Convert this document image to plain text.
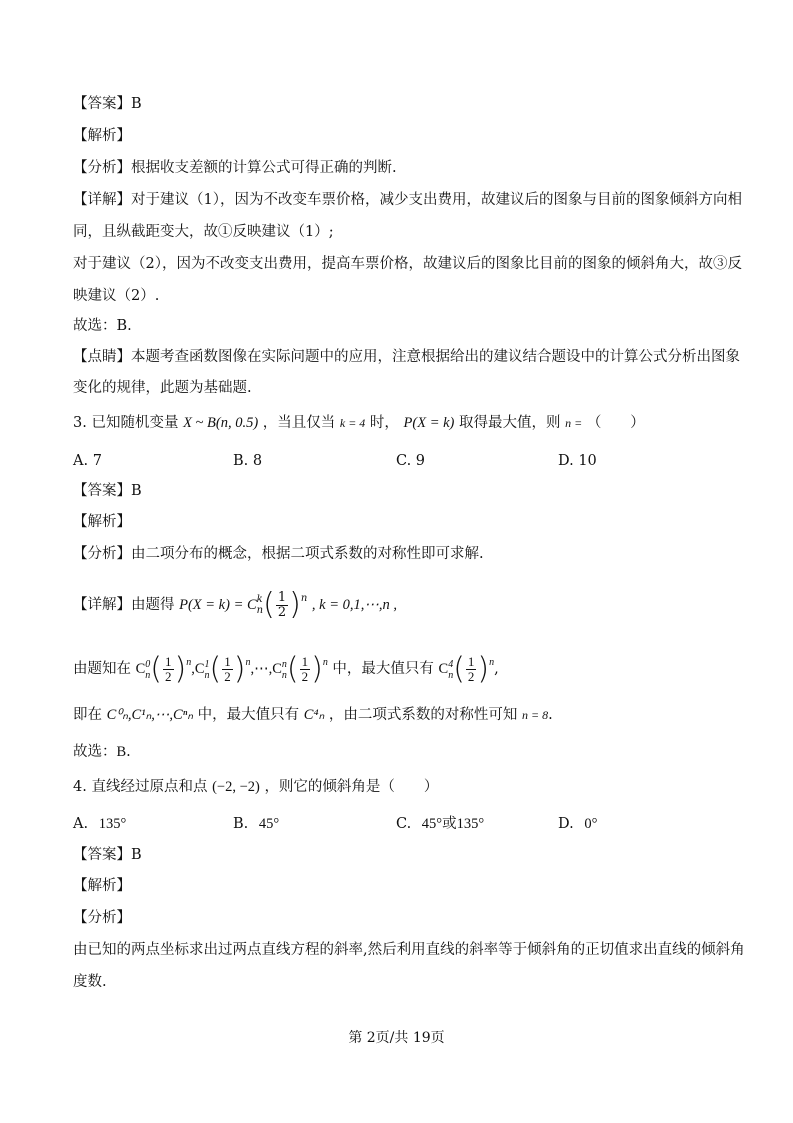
【答案】B
【解析】
【分析】根据收支差额的计算公式可得正确的判断.
【详解】对于建议（1），因为不改变车票价格，减少支出费用，故建议后的图象与目前的图象倾斜方向相
同，且纵截距变大，故①反映建议（1）;
对于建议（2），因为不改变支出费用，提高车票价格，故建议后的图象比目前的图象的倾斜角大，故③反
映建议（2）.
故选：B.
【点睛】本题考查函数图像在实际问题中的应用，注意根据给出的建议结合题设中的计算公式分析出图象
变化的规律，此题为基础题.
3. 已知随机变量 X ~ B(n, 0.5) ，当且仅当 k = 4 时， P(X = k) 取得最大值，则 n = （　　）
A. 7	B. 8	C. 9	D. 10
【答案】B
【解析】
【分析】由二项分布的概念，根据二项式系数的对称性即可求解.
【详解】由题得 P(X = k) = C k
n ( $\frac{1}{2} )^n$ , k = 0,1,⋯,n ,
由题知在 C 0
n ( $\frac{1}{2} )^n,C$ 1
n ( $\frac{1}{2}$ )$^n$,⋯,C n
n ( $\frac{1}{2} )^n$ 中，最大值只有 C 4
n ( $\frac{1}{2} )^n$,
即在 C⁰ₙ,C¹ₙ,⋯,Cⁿₙ 中，最大值只有 C⁴ₙ ，由二项式系数的对称性可知 n = 8.
故选：B.
4. 直线经过原点和点 (−2, −2) ，则它的倾斜角是（　　）
A. 135°	B. 45°	C. 45°或135°	D. 0°
【答案】B
【解析】
【分析】
由已知的两点坐标求出过两点直线方程的斜率,然后利用直线的斜率等于倾斜角的正切值求出直线的倾斜角
度数.
第 2页/共 19页
